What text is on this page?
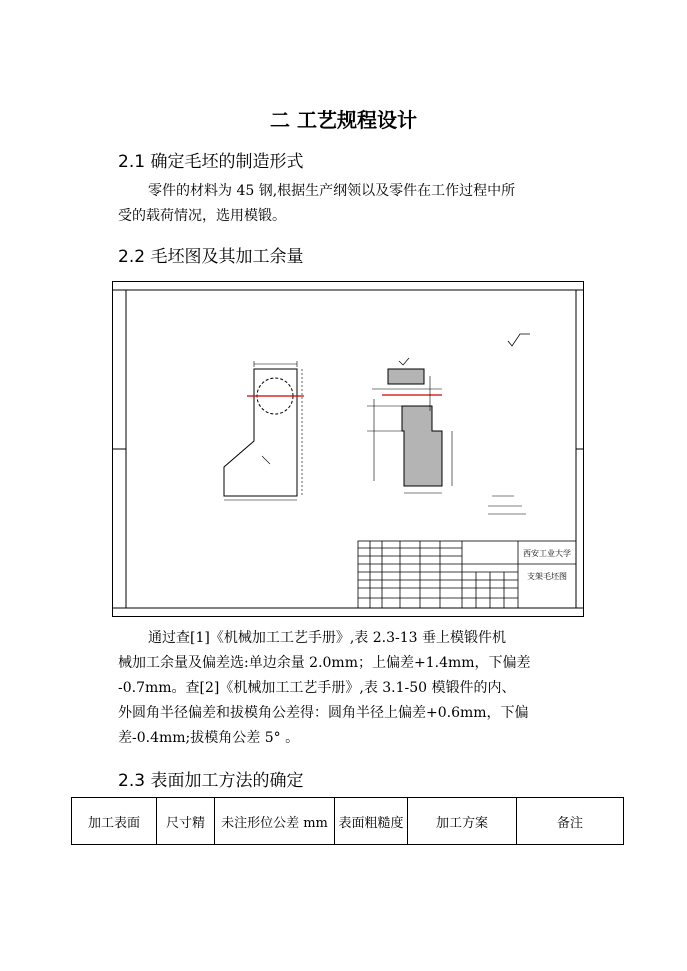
二 工艺规程设计
2.1 确定毛坯的制造形式
零件的材料为 45 钢,根据生产纲领以及零件在工作过程中所
受的载荷情况，选用模锻。
2.2 毛坯图及其加工余量
西安工业大学
支架毛坯图
通过查[1]《机械加工工艺手册》,表 2.3-13 垂上模锻件机
械加工余量及偏差选:单边余量 2.0mm；上偏差+1.4mm，下偏差
-0.7mm。查[2]《机械加工工艺手册》,表 3.1-50 模锻件的内、
外圆角半径偏差和拔模角公差得：圆角半径上偏差+0.6mm，下偏
差-0.4mm;拔模角公差 5° 。
2.3 表面加工方法的确定
加工表面	尺寸精	未注形位公差 mm	表面粗糙度	加工方案	备注
